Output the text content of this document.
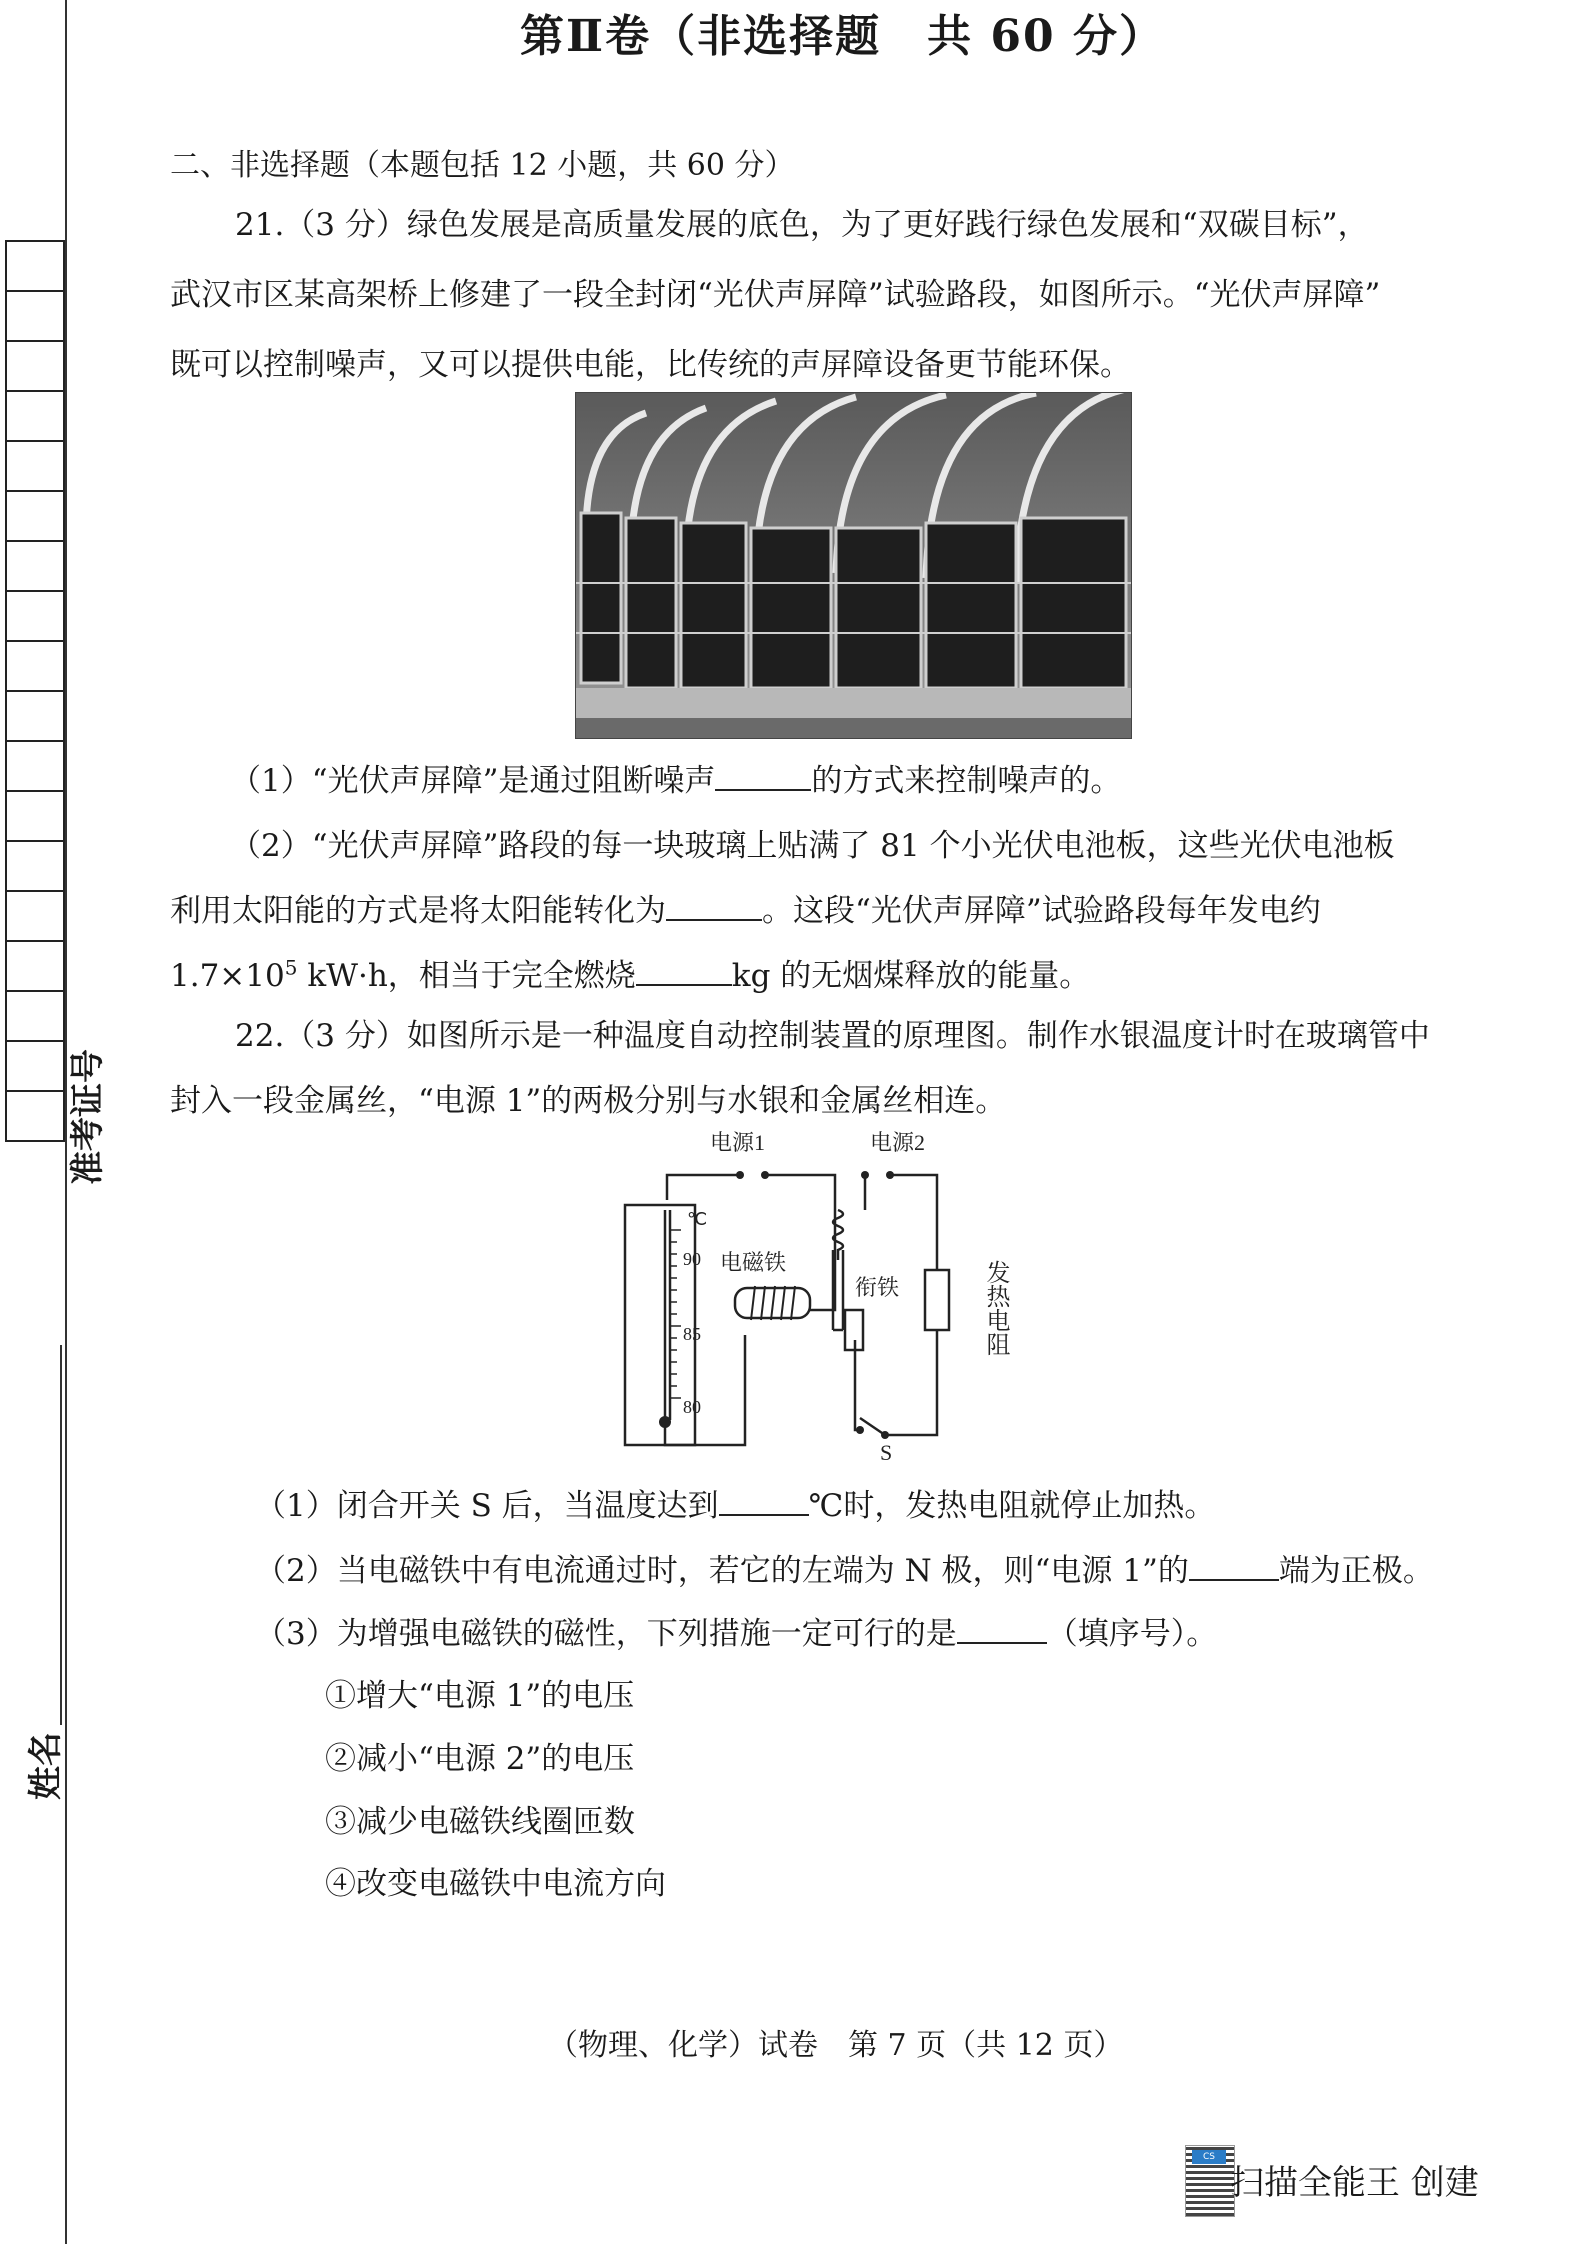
准考证号
姓名
第Ⅱ卷（非选择题　共 60 分）
二、非选择题（本题包括 12 小题，共 60 分）
21.（3 分）绿色发展是高质量发展的底色，为了更好践行绿色发展和“双碳目标”，
武汉市区某高架桥上修建了一段全封闭“光伏声屏障”试验路段，如图所示。“光伏声屏障”
既可以控制噪声，又可以提供电能，比传统的声屏障设备更节能环保。
（1）“光伏声屏障”是通过阻断噪声	的方式来控制噪声的。
（2）“光伏声屏障”路段的每一块玻璃上贴满了 81 个小光伏电池板，这些光伏电池板
利用太阳能的方式是将太阳能转化为	。这段“光伏声屏障”试验路段每年发电约
$1.7\times 10^5$ kW·h，相当于完全燃烧	kg 的无烟煤释放的能量。
22.（3 分）如图所示是一种温度自动控制装置的原理图。制作水银温度计时在玻璃管中
封入一段金属丝，“电源 1”的两极分别与水银和金属丝相连。
电源1	电源2
电磁铁
衔铁
S
℃
90
85
80
发热电阻
（1）闭合开关 S 后，当温度达到	℃时，发热电阻就停止加热。
（2）当电磁铁中有电流通过时，若它的左端为 N 极，则“电源 1”的	端为正极。
（3）为增强电磁铁的磁性，下列措施一定可行的是	（填序号）。
①增大“电源 1”的电压
②减小“电源 2”的电压
③减少电磁铁线圈匝数
④改变电磁铁中电流方向
（物理、化学）试卷　第 7 页（共 12 页）
CS
扫描全能王 创建
